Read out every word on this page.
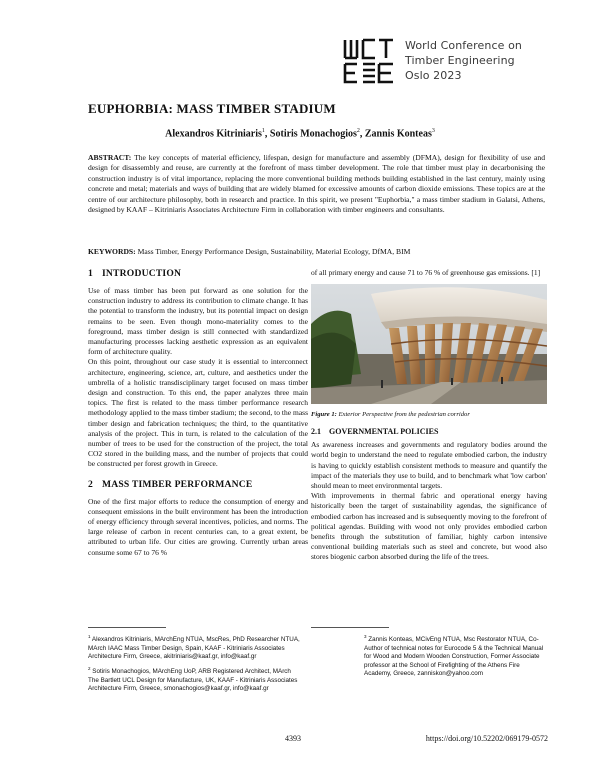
World Conference on
Timber Engineering
Oslo 2023
EUPHORBIA: MASS TIMBER STADIUM
Alexandros Kitriniaris$^1$, Sotiris Monachogios$^2$, Zannis Konteas$^3$
ABSTRACT: The key concepts of material efficiency, lifespan, design for manufacture and assembly (DFMA), design for flexibility of use and design for disassembly and reuse, are currently at the forefront of mass timber development. The role that timber must play in decarbonising the construction industry is of vital importance, replacing the more conventional building methods building established in the last century, mainly using concrete and metal; materials and ways of building that are widely blamed for excessive amounts of carbon dioxide emissions. These topics are at the centre of our architecture philosophy, both in research and practice. In this spirit, we present "Euphorbia," a mass timber stadium in Galatsi, Athens, designed by KAAF – Kitriniaris Associates Architecture Firm in collaboration with timber engineers and consultants.
KEYWORDS: Mass Timber, Energy Performance Design, Sustainability, Material Ecology, DfMA, BIM
1 INTRODUCTION

Use of mass timber has been put forward as one solution for the construction industry to address its contribution to climate change. It has the potential to transform the industry, but its potential impact on design remains to be seen. Even though mono-materiality comes to the foreground, mass timber design is still connected with standardized manufacturing processes lacking aesthetic expression as an equivalent form of architecture quality.

On this point, throughout our case study it is essential to interconnect architecture, engineering, science, art, culture, and aesthetics under the umbrella of a holistic transdisciplinary target focused on mass timber design and construction. To this end, the paper analyzes three main topics. The first is related to the mass timber performance research methodology applied to the mass timber stadium; the second, to the mass timber design and fabrication techniques; the third, to the quantitative analysis of the project. This in turn, is related to the calculation of the number of trees to be used for the construction of the project, the total CO2 stored in the building mass, and the number of projects that could be constructed per forest growth in Greece.

2 MASS TIMBER PERFORMANCE

One of the first major efforts to reduce the consumption of energy and consequent emissions in the built environment has been the introduction of energy efficiency through several incentives, policies, and norms. The large release of carbon in recent centuries can, to a great extent, be attributed to urban life. Our cities are growing. Currently urban areas consume some 67 to 76 %

of all primary energy and cause 71 to 76 % of greenhouse gas emissions. [1]

Figure 1: Exterior Perspective from the pedestrian corridor
2.1 GOVERNMENTAL POLICIES

As awareness increases and governments and regulatory bodies around the world begin to understand the need to regulate embodied carbon, the industry is having to quickly establish consistent methods to measure and quantify the impact of the materials they use to build, and to benchmark what 'low carbon' should mean to meet environmental targets.

With improvements in thermal fabric and operational energy having historically been the target of sustainability agendas, the significance of embodied carbon has increased and is subsequently moving to the forefront of political agendas. Building with wood not only provides embodied carbon benefits through the substitution of familiar, highly carbon intensive conventional building materials such as steel and concrete, but wood also stores biogenic carbon absorbed during the life of the trees.

$^1$ Alexandros Kitriniaris, MArchEng NTUA, MscRes, PhD Researcher NTUA, MArch IAAC Mass Timber Design, Spain, KAAF - Kitriniaris Associates Architecture Firm, Greece, akitriniaris@kaaf.gr, info@kaaf.gr
$^2$ Sotiris Monachogios, MArchEng UoP, ARB Registered Architect, MArch The Bartlett UCL Design for Manufacture, UK, KAAF - Kitriniaris Associates Architecture Firm, Greece, smonachogios@kaaf.gr, info@kaaf.gr
$^3$ Zannis Konteas, MCivEng NTUA, Msc Restorator NTUA, Co-Author of technical notes for Eurocode 5 & the Technical Manual for Wood and Modern Wooden Construction, Former Associate professor at the School of Firefighting of the Athens Fire Academy, Greece, zanniskon@yahoo.com
4393	https://doi.org/10.52202/069179-0572
